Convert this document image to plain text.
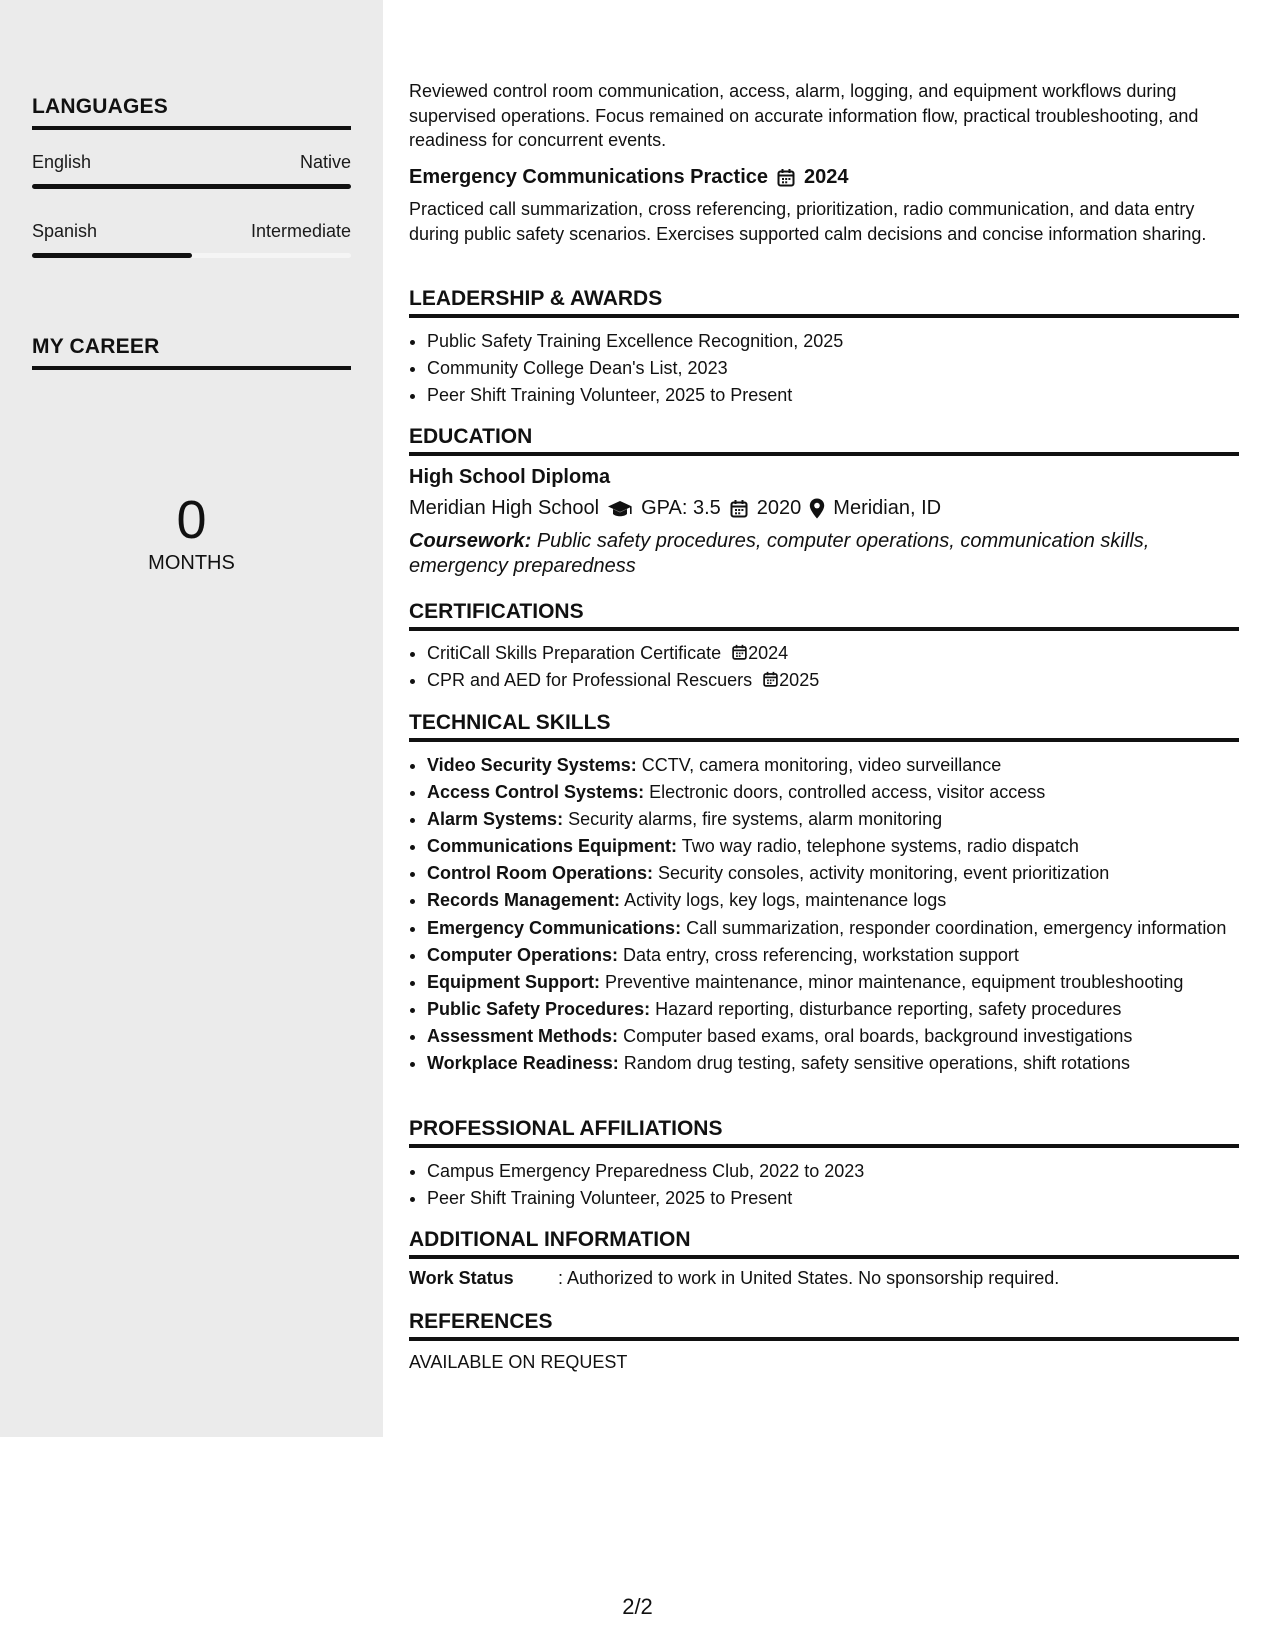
LANGUAGES
English	Native
Spanish	Intermediate
MY CAREER
0
MONTHS

Reviewed control room communication, access, alarm, logging, and equipment workflows during supervised operations. Focus remained on accurate information flow, practical troubleshooting, and readiness for concurrent events.

Emergency Communications Practice 2024

Practiced call summarization, cross referencing, prioritization, radio communication, and data entry during public safety scenarios. Exercises supported calm decisions and concise information sharing.

LEADERSHIP & AWARDS
• Public Safety Training Excellence Recognition, 2025
• Community College Dean's List, 2023
• Peer Shift Training Volunteer, 2025 to Present
EDUCATION
High School Diploma
Meridian High School GPA: 3.5 2020 Meridian, ID

Coursework: Public safety procedures, computer operations, communication skills, emergency preparedness

CERTIFICATIONS
• CritiCall Skills Preparation Certificate 2024
• CPR and AED for Professional Rescuers 2025
TECHNICAL SKILLS
• Video Security Systems: CCTV, camera monitoring, video surveillance
• Access Control Systems: Electronic doors, controlled access, visitor access
• Alarm Systems: Security alarms, fire systems, alarm monitoring
• Communications Equipment: Two way radio, telephone systems, radio dispatch
• Control Room Operations: Security consoles, activity monitoring, event prioritization
• Records Management: Activity logs, key logs, maintenance logs
• Emergency Communications: Call summarization, responder coordination, emergency information
• Computer Operations: Data entry, cross referencing, workstation support
• Equipment Support: Preventive maintenance, minor maintenance, equipment troubleshooting
• Public Safety Procedures: Hazard reporting, disturbance reporting, safety procedures
• Assessment Methods: Computer based exams, oral boards, background investigations
• Workplace Readiness: Random drug testing, safety sensitive operations, shift rotations
PROFESSIONAL AFFILIATIONS
• Campus Emergency Preparedness Club, 2022 to 2023
• Peer Shift Training Volunteer, 2025 to Present
ADDITIONAL INFORMATION
Work Status	: Authorized to work in United States. No sponsorship required.
REFERENCES
AVAILABLE ON REQUEST
2/2
